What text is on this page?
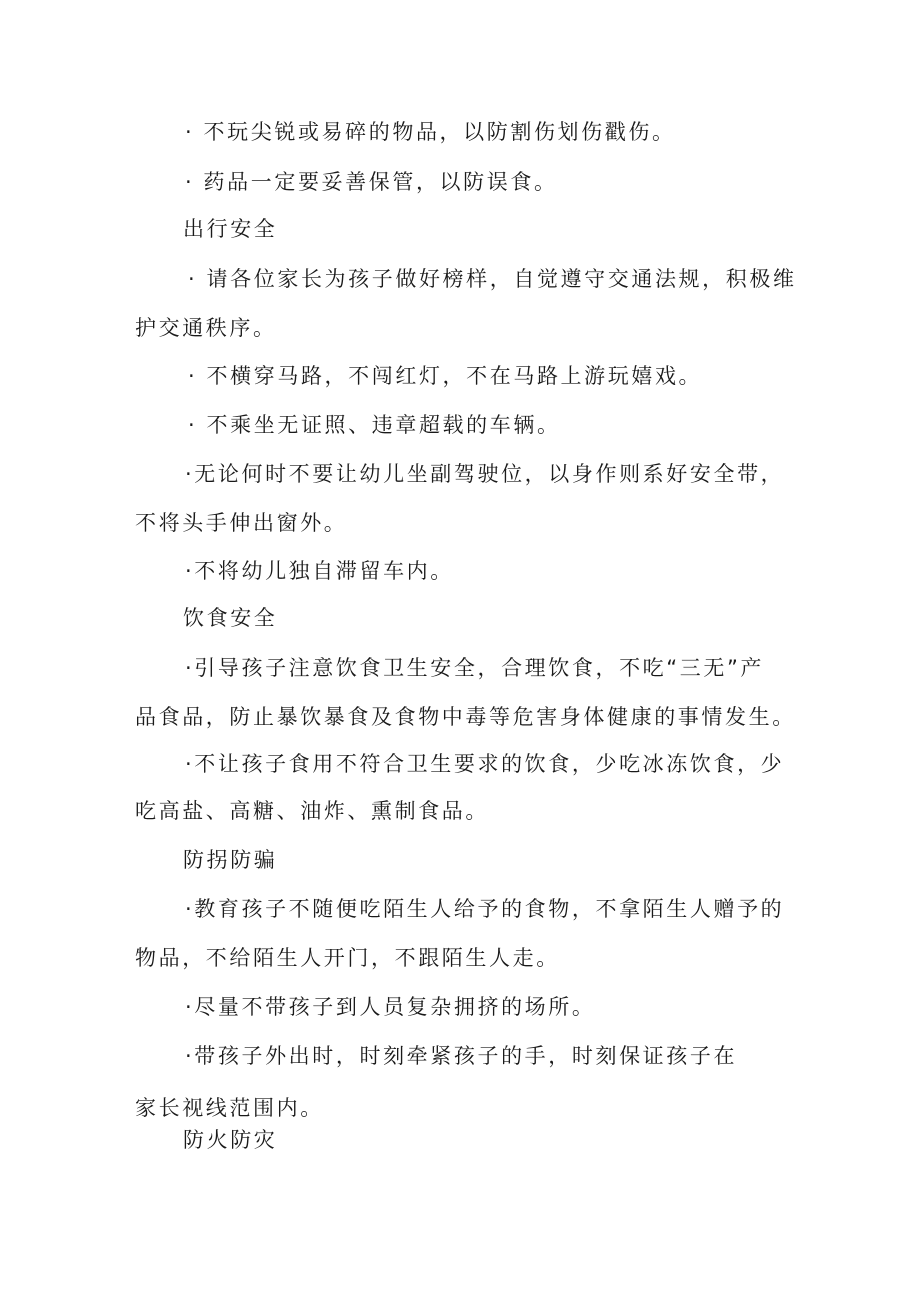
· 不玩尖锐或易碎的物品，以防割伤划伤戳伤。
· 药品一定要妥善保管，以防误食。
出行安全
· 请各位家长为孩子做好榜样，自觉遵守交通法规，积极维
护交通秩序。
· 不横穿马路，不闯红灯，不在马路上游玩嬉戏。
· 不乘坐无证照、违章超载的车辆。
·无论何时不要让幼儿坐副驾驶位，以身作则系好安全带，
不将头手伸出窗外。
·不将幼儿独自滞留车内。
饮食安全
·引导孩子注意饮食卫生安全，合理饮食，不吃“三无”产
品食品，防止暴饮暴食及食物中毒等危害身体健康的事情发生。
·不让孩子食用不符合卫生要求的饮食，少吃冰冻饮食，少
吃高盐、高糖、油炸、熏制食品。
防拐防骗
·教育孩子不随便吃陌生人给予的食物，不拿陌生人赠予的
物品，不给陌生人开门，不跟陌生人走。
·尽量不带孩子到人员复杂拥挤的场所。
·带孩子外出时，时刻牵紧孩子的手，时刻保证孩子在
家长视线范围内。
防火防灾
